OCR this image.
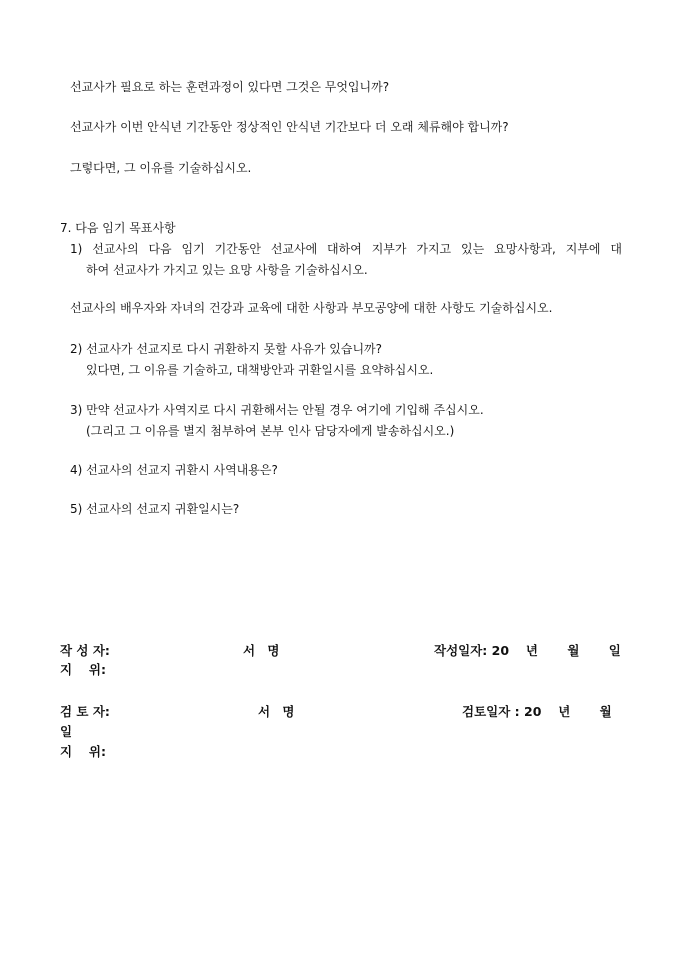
선교사가 필요로 하는 훈련과정이 있다면 그것은 무엇입니까?
선교사가 이번 안식년 기간동안 정상적인 안식년 기간보다 더 오래 체류해야 합니까?
그렇다면, 그 이유를 기술하십시오.
7. 다음 임기 목표사항
1) 선교사의 다음 임기 기간동안 선교사에 대하여 지부가 가지고 있는 요망사항과, 지부에 대
하여 선교사가 가지고 있는 요망 사항을 기술하십시오.
선교사의 배우자와 자녀의 건강과 교육에 대한 사항과 부모공양에 대한 사항도 기술하십시오.
2) 선교사가 선교지로 다시 귀환하지 못할 사유가 있습니까?
있다면, 그 이유를 기술하고, 대책방안과 귀환일시를 요약하십시오.
3) 만약 선교사가 사역지로 다시 귀환해서는 안될 경우 여기에 기입해 주십시오.
(그리고 그 이유를 별지 첨부하여 본부 인사 담당자에게 발송하십시오.)
4) 선교사의 선교지 귀환시 사역내용은?
5) 선교사의 선교지 귀환일시는?
작 성 자:	서 명	작성일자: 20　 년　　 월　　 일
지　 위:
검 토 자:	서 명	검토일자 : 20　 년　　 월
일
지　 위:
